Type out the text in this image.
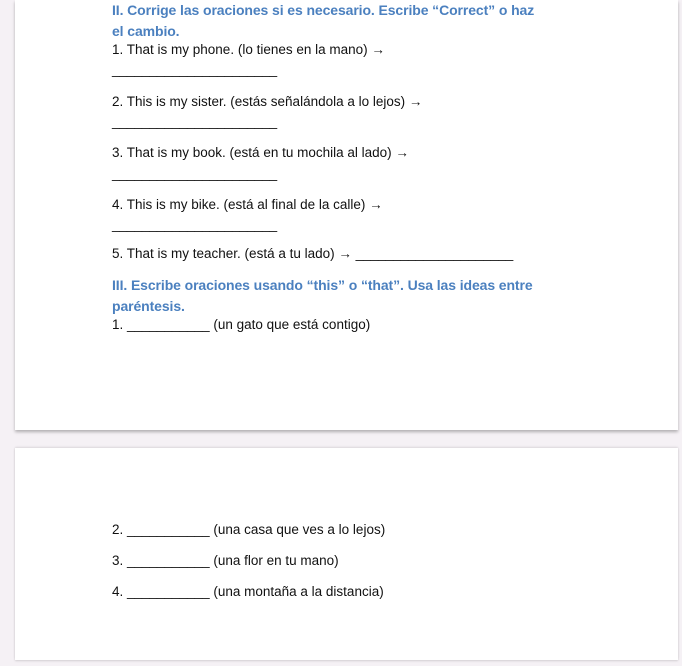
II. Corrige las oraciones si es necesario. Escribe “Correct” o haz
el cambio.
1. That is my phone. (lo tienes en la mano) →
______________________
2. This is my sister. (estás señalándola a lo lejos) →
______________________
3. That is my book. (está en tu mochila al lado) →
______________________
4. This is my bike. (está al final de la calle) →
______________________
5. That is my teacher. (está a tu lado) → _____________________
III. Escribe oraciones usando “this” o “that”. Usa las ideas entre
paréntesis.
1. ___________ (un gato que está contigo)
2. ___________ (una casa que ves a lo lejos)
3. ___________ (una flor en tu mano)
4. ___________ (una montaña a la distancia)
